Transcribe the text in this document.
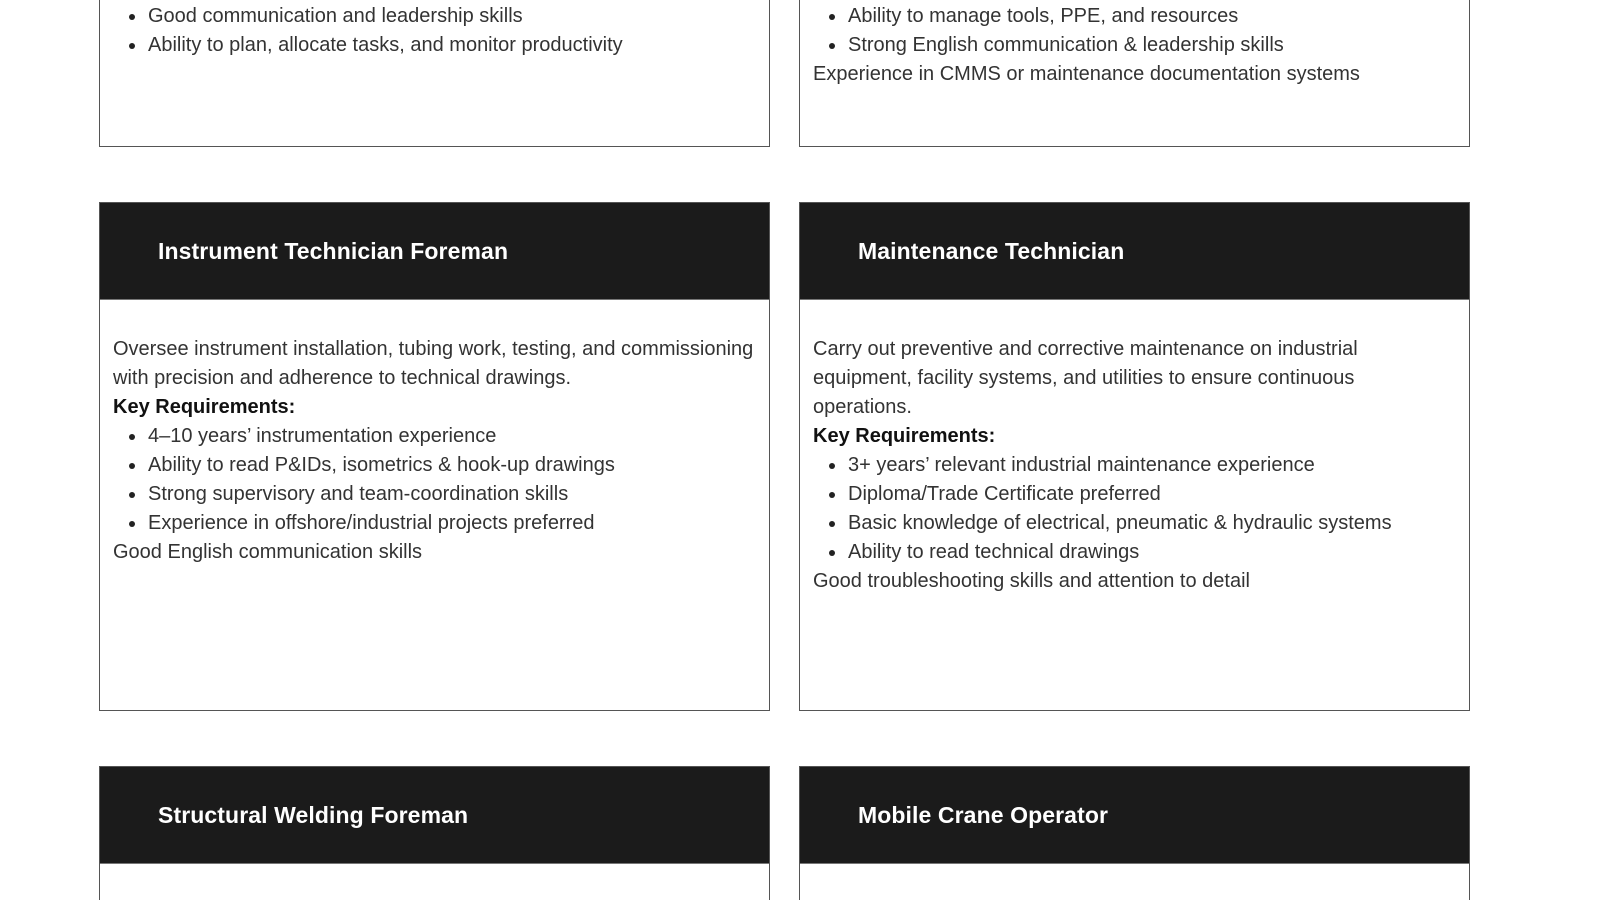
Good communication and leadership skills
Ability to plan, allocate tasks, and monitor productivity
Ability to manage tools, PPE, and resources
Strong English communication & leadership skills
Experience in CMMS or maintenance documentation systems
Instrument Technician Foreman
Oversee instrument installation, tubing work, testing, and commissioning with precision and adherence to technical drawings.
Key Requirements:
4–10 years’ instrumentation experience
Ability to read P&IDs, isometrics & hook-up drawings
Strong supervisory and team-coordination skills
Experience in offshore/industrial projects preferred
Good English communication skills
Maintenance Technician
Carry out preventive and corrective maintenance on industrial equipment, facility systems, and utilities to ensure continuous operations.
Key Requirements:
3+ years’ relevant industrial maintenance experience
Diploma/Trade Certificate preferred
Basic knowledge of electrical, pneumatic & hydraulic systems
Ability to read technical drawings
Good troubleshooting skills and attention to detail
Structural Welding Foreman	Mobile Crane Operator
